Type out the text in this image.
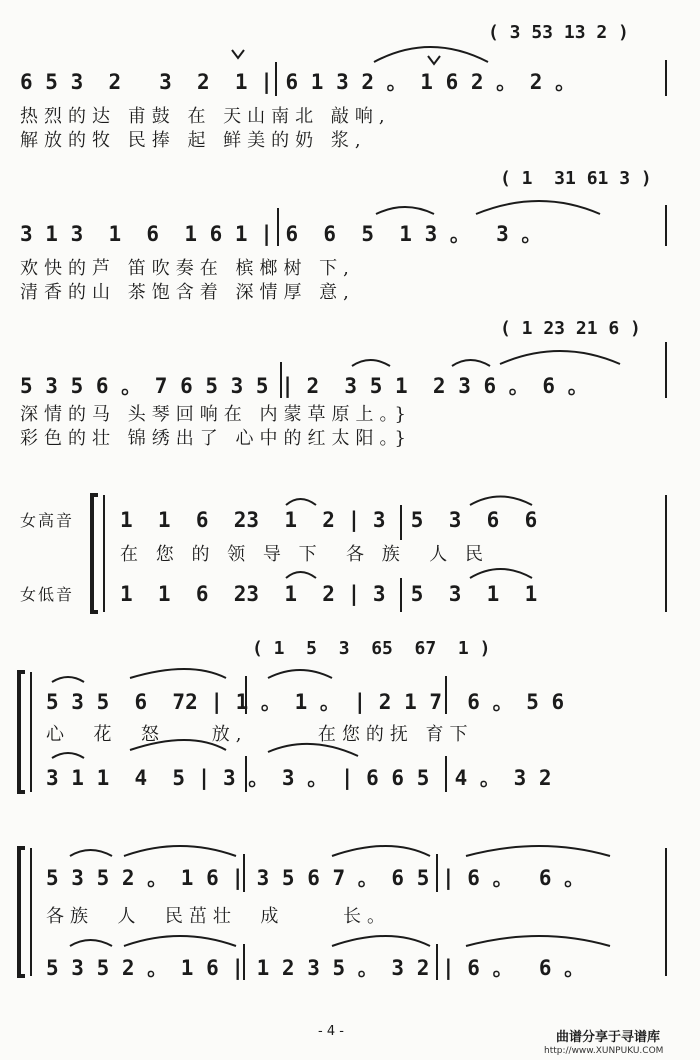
( 3 53 13 2 )
6 5 3  2   3  2  1 | 6 1 3 2 。 1 6 2 。 2 。
热烈的达 甫鼓 在 天山南北 敲响,
解放的牧 民捧 起 鲜美的奶 浆,
( 1  31 61 3 )
3 1 3  1  6  1 6 1 | 6  6  5  1 3 。  3 。
欢快的芦 笛吹奏在 槟榔树 下,
清香的山 茶饱含着 深情厚 意,
( 1 23 21 6 )
5 3 5 6 。 7 6 5 3 5 | 2  3 5 1  2 3 6 。 6 。
深情的马 头琴回响在 内蒙草原上。}
彩色的壮 锦绣出了 心中的红太阳。}
女高音
女低音
1  1  6  23  1  2 | 3  5  3  6  6
在 您 的 领 导 下  各 族  人 民
1  1  6  23  1  2 | 3  5  3  1  1
( 1  5  3  65  67  1 )
5 3 5  6  72 | 1 。 1 。 | 2 1 7  6 。 5 6
心  花  怒    放,      在您的抚 育下
3 1 1  4  5 | 3 。 3 。 | 6 6 5  4 。 3 2
5 3 5 2 。 1 6 | 3 5 6 7 。 6 5 | 6 。  6 。
各族  人  民茁壮  成     长。
5 3 5 2 。 1 6 | 1 2 3 5 。 3 2 | 6 。  6 。
- 4 -	曲谱分享于寻谱库
http://www.XUNPUKU.COM
